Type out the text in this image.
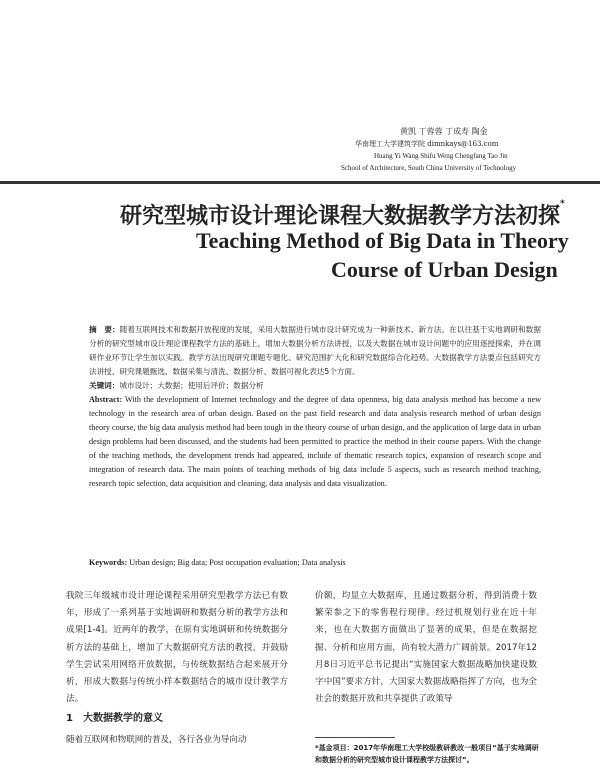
黄凯 丁蓉蓉 丁成寿 陶金
华南理工大学建筑学院 dimnkays@163.com
Huang Yi Wang Shifu Weng Chengfang Tao Jin
School of Architecture, South China University of Technology
研究型城市设计理论课程大数据教学方法初探*
Teaching Method of Big Data in Theory
Course of Urban Design
摘　要：随着互联网技术和数据开放程度的发展，采用大数据进行城市设计研究成为一种新技术、新方法。在以往基于实地调研和数据分析的研究型城市设计理论课程教学方法的基础上，增加大数据分析方法讲授，以及大数据在城市设计问题中的应用逐授探索，并在调研作业环节让学生加以实践。教学方法出现研究课题专题化、研究范围扩大化和研究数据综合化趋势。大数据教学方法要点包括研究方法讲授、研究课题甄选、数据采集与清洗、数据分析、数据可视化表达5个方面。
关键词：城市设计；大数据；使用后评价；数据分析
Abstract: With the development of Internet technology and the degree of data openness, big data analysis method has become a new technology in the research area of urban design. Based on the past field research and data analysis research method of urban design theory course, the big data analysis method had been tough in the theory course of urban design, and the application of large data in urban design problems had been discussed, and the students had been permitted to practice the method in their course papers. With the change of the teaching methods, the development trends had appeared, include of thematic research topics, expansion of research scope and integration of research data. The main points of teaching methods of big data include 5 aspects, such as research method teaching, research topic selection, data acquisition and cleaning, data analysis and data visualization.
Keywords: Urban design; Big data; Post occupation evaluation; Data analysis
我院三年级城市设计理论课程采用研究型教学方法已有数年，形成了一系列基于实地调研和数据分析的教学方法和成果[1-4]。近两年的教学，在原有实地调研和传统数据分析方法的基础上，增加了大数据研究方法的教授，并鼓励学生尝试采用网络开放数据，与传统数据结合起来展开分析，形成大数据与传统小样本数据结合的城市设计教学方法。
价额，均显立大数据库，且通过数据分析，得到消费十数繁荣参之下的零售程行现律。经过机规划行业在近十年来，也在大数据方面做出了显著的成果，但是在数据挖掘、分析和应用方面，尚有较大潜力广阔前景。2017年12月8日习近平总书记提出“实施国家大数据战略加快建设数字中国”要求方针，大国家大数据战略指挥了方向，也为全社会的数据开放和共享提供了政策导
1　大数据教学的意义
随着互联网和物联网的普及，各行各业为导向动
*基金项目：2017年华南理工大学校级教研教改一般项目“基于实地调研和数据分析的研究型城市设计课程教学方法探讨”。
